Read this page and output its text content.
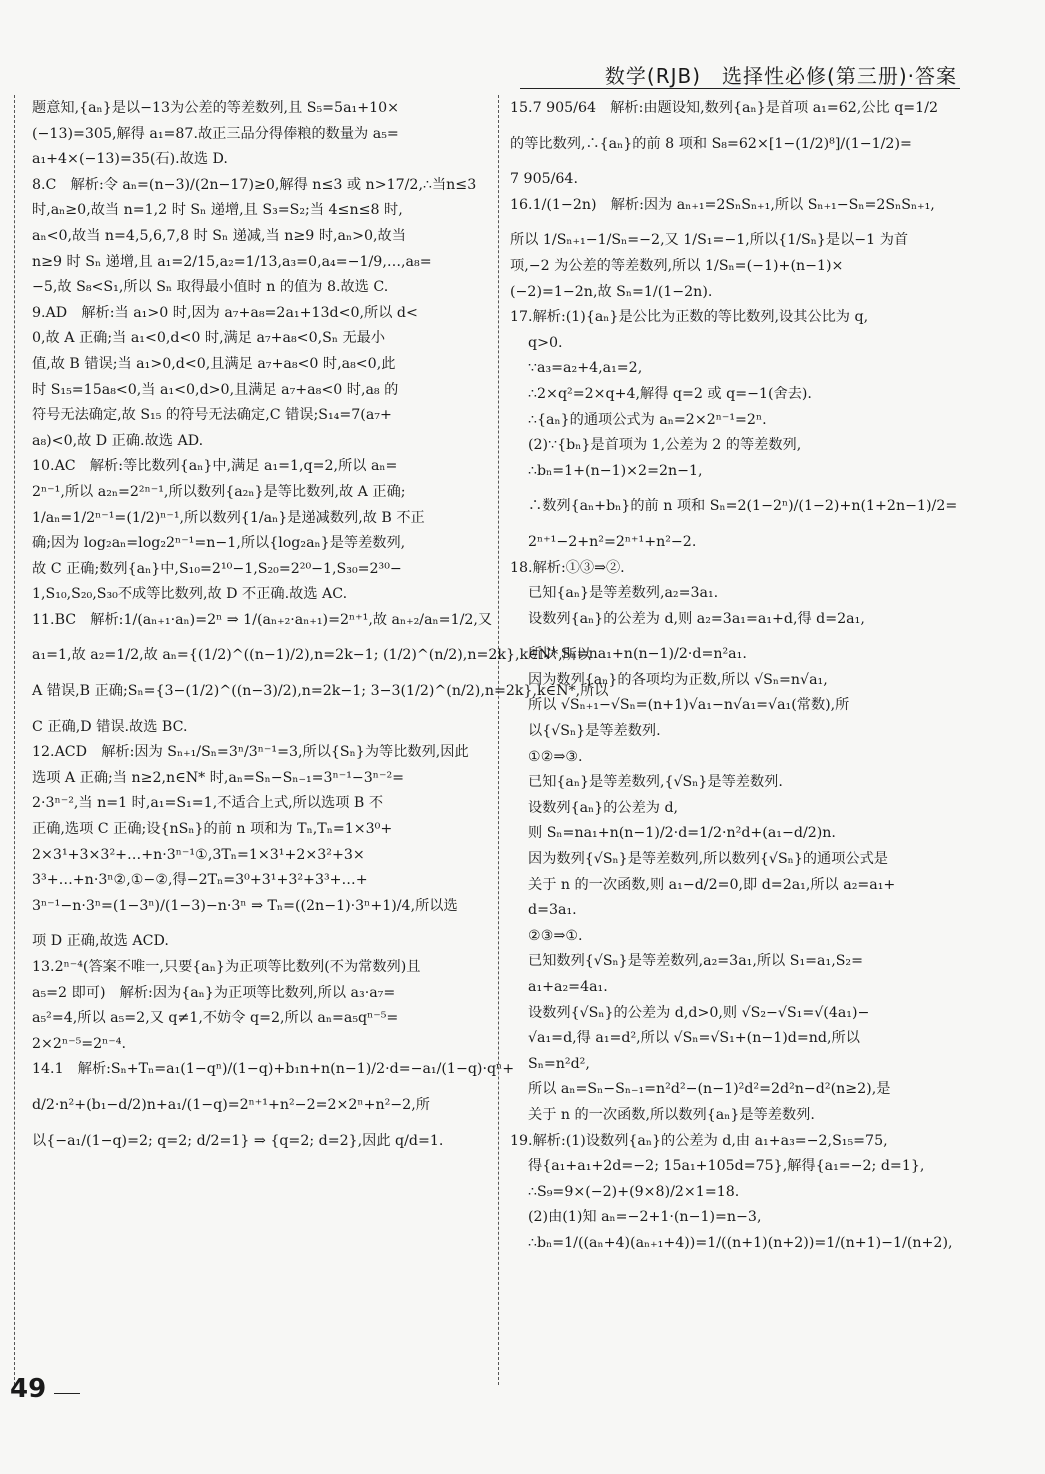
数学(RJB)　选择性必修(第三册)·答案
题意知,{aₙ}是以−13为公差的等差数列,且 S₅=5a₁+10×
(−13)=305,解得 a₁=87.故正三品分得俸粮的数量为 a₅=
a₁+4×(−13)=35(石).故选 D.
8.C　解析:令 aₙ=(n−3)/(2n−17)≥0,解得 n≤3 或 n>17/2,∴当n≤3
时,aₙ≥0,故当 n=1,2 时 Sₙ 递增,且 S₃=S₂;当 4≤n≤8 时,
aₙ<0,故当 n=4,5,6,7,8 时 Sₙ 递减,当 n≥9 时,aₙ>0,故当
n≥9 时 Sₙ 递增,且 a₁=2/15,a₂=1/13,a₃=0,a₄=−1/9,…,a₈=
−5,故 S₈<S₁,所以 Sₙ 取得最小值时 n 的值为 8.故选 C.
9.AD　解析:当 a₁>0 时,因为 a₇+a₈=2a₁+13d<0,所以 d<
0,故 A 正确;当 a₁<0,d<0 时,满足 a₇+a₈<0,Sₙ 无最小
值,故 B 错误;当 a₁>0,d<0,且满足 a₇+a₈<0 时,a₈<0,此
时 S₁₅=15a₈<0,当 a₁<0,d>0,且满足 a₇+a₈<0 时,a₈ 的
符号无法确定,故 S₁₅ 的符号无法确定,C 错误;S₁₄=7(a₇+
a₈)<0,故 D 正确.故选 AD.
10.AC　解析:等比数列{aₙ}中,满足 a₁=1,q=2,所以 aₙ=
2ⁿ⁻¹,所以 a₂ₙ=2²ⁿ⁻¹,所以数列{a₂ₙ}是等比数列,故 A 正确;
1/aₙ=1/2ⁿ⁻¹=(1/2)ⁿ⁻¹,所以数列{1/aₙ}是递减数列,故 B 不正
确;因为 log₂aₙ=log₂2ⁿ⁻¹=n−1,所以{log₂aₙ}是等差数列,
故 C 正确;数列{aₙ}中,S₁₀=2¹⁰−1,S₂₀=2²⁰−1,S₃₀=2³⁰−
1,S₁₀,S₂₀,S₃₀不成等比数列,故 D 不正确.故选 AC.
11.BC　解析:1/(aₙ₊₁·aₙ)=2ⁿ ⇒ 1/(aₙ₊₂·aₙ₊₁)=2ⁿ⁺¹,故 aₙ₊₂/aₙ=1/2,又
a₁=1,故 a₂=1/2,故 aₙ={(1/2)^((n−1)/2),n=2k−1; (1/2)^(n/2),n=2k},k∈N*,所以
A 错误,B 正确;Sₙ={3−(1/2)^((n−3)/2),n=2k−1; 3−3(1/2)^(n/2),n=2k},k∈N*,所以
C 正确,D 错误.故选 BC.
12.ACD　解析:因为 Sₙ₊₁/Sₙ=3ⁿ/3ⁿ⁻¹=3,所以{Sₙ}为等比数列,因此
选项 A 正确;当 n≥2,n∈N* 时,aₙ=Sₙ−Sₙ₋₁=3ⁿ⁻¹−3ⁿ⁻²=
2·3ⁿ⁻²,当 n=1 时,a₁=S₁=1,不适合上式,所以选项 B 不
正确,选项 C 正确;设{nSₙ}的前 n 项和为 Tₙ,Tₙ=1×3⁰+
2×3¹+3×3²+…+n·3ⁿ⁻¹①,3Tₙ=1×3¹+2×3²+3×
3³+…+n·3ⁿ②,①−②,得−2Tₙ=3⁰+3¹+3²+3³+…+
3ⁿ⁻¹−n·3ⁿ=(1−3ⁿ)/(1−3)−n·3ⁿ ⇒ Tₙ=((2n−1)·3ⁿ+1)/4,所以选
项 D 正确,故选 ACD.
13.2ⁿ⁻⁴(答案不唯一,只要{aₙ}为正项等比数列(不为常数列)且
a₅=2 即可)　解析:因为{aₙ}为正项等比数列,所以 a₃·a₇=
a₅²=4,所以 a₅=2,又 q≠1,不妨令 q=2,所以 aₙ=a₅qⁿ⁻⁵=
2×2ⁿ⁻⁵=2ⁿ⁻⁴.
14.1　解析:Sₙ+Tₙ=a₁(1−qⁿ)/(1−q)+b₁n+n(n−1)/2·d=−a₁/(1−q)·qⁿ+
d/2·n²+(b₁−d/2)n+a₁/(1−q)=2ⁿ⁺¹+n²−2=2×2ⁿ+n²−2,所
以{−a₁/(1−q)=2; q=2; d/2=1} ⇒ {q=2; d=2},因此 q/d=1.
15.7 905/64　解析:由题设知,数列{aₙ}是首项 a₁=62,公比 q=1/2
的等比数列,∴{aₙ}的前 8 项和 S₈=62×[1−(1/2)⁸]/(1−1/2)=
7 905/64.
16.1/(1−2n)　解析:因为 aₙ₊₁=2SₙSₙ₊₁,所以 Sₙ₊₁−Sₙ=2SₙSₙ₊₁,
所以 1/Sₙ₊₁−1/Sₙ=−2,又 1/S₁=−1,所以{1/Sₙ}是以−1 为首
项,−2 为公差的等差数列,所以 1/Sₙ=(−1)+(n−1)×
(−2)=1−2n,故 Sₙ=1/(1−2n).
17.解析:(1){aₙ}是公比为正数的等比数列,设其公比为 q,
q>0.
∵a₃=a₂+4,a₁=2,
∴2×q²=2×q+4,解得 q=2 或 q=−1(舍去).
∴{aₙ}的通项公式为 aₙ=2×2ⁿ⁻¹=2ⁿ.
(2)∵{bₙ}是首项为 1,公差为 2 的等差数列,
∴bₙ=1+(n−1)×2=2n−1,
∴数列{aₙ+bₙ}的前 n 项和 Sₙ=2(1−2ⁿ)/(1−2)+n(1+2n−1)/2=
2ⁿ⁺¹−2+n²=2ⁿ⁺¹+n²−2.
18.解析:①③⇒②.
已知{aₙ}是等差数列,a₂=3a₁.
设数列{aₙ}的公差为 d,则 a₂=3a₁=a₁+d,得 d=2a₁,
所以 Sₙ=na₁+n(n−1)/2·d=n²a₁.
因为数列{aₙ}的各项均为正数,所以 √Sₙ=n√a₁,
所以 √Sₙ₊₁−√Sₙ=(n+1)√a₁−n√a₁=√a₁(常数),所
以{√Sₙ}是等差数列.
①②⇒③.
已知{aₙ}是等差数列,{√Sₙ}是等差数列.
设数列{aₙ}的公差为 d,
则 Sₙ=na₁+n(n−1)/2·d=1/2·n²d+(a₁−d/2)n.
因为数列{√Sₙ}是等差数列,所以数列{√Sₙ}的通项公式是
关于 n 的一次函数,则 a₁−d/2=0,即 d=2a₁,所以 a₂=a₁+
d=3a₁.
②③⇒①.
已知数列{√Sₙ}是等差数列,a₂=3a₁,所以 S₁=a₁,S₂=
a₁+a₂=4a₁.
设数列{√Sₙ}的公差为 d,d>0,则 √S₂−√S₁=√(4a₁)−
√a₁=d,得 a₁=d²,所以 √Sₙ=√S₁+(n−1)d=nd,所以
Sₙ=n²d²,
所以 aₙ=Sₙ−Sₙ₋₁=n²d²−(n−1)²d²=2d²n−d²(n≥2),是
关于 n 的一次函数,所以数列{aₙ}是等差数列.
19.解析:(1)设数列{aₙ}的公差为 d,由 a₁+a₃=−2,S₁₅=75,
得{a₁+a₁+2d=−2; 15a₁+105d=75},解得{a₁=−2; d=1},
∴S₉=9×(−2)+(9×8)/2×1=18.
(2)由(1)知 aₙ=−2+1·(n−1)=n−3,
∴bₙ=1/((aₙ+4)(aₙ₊₁+4))=1/((n+1)(n+2))=1/(n+1)−1/(n+2),
49
